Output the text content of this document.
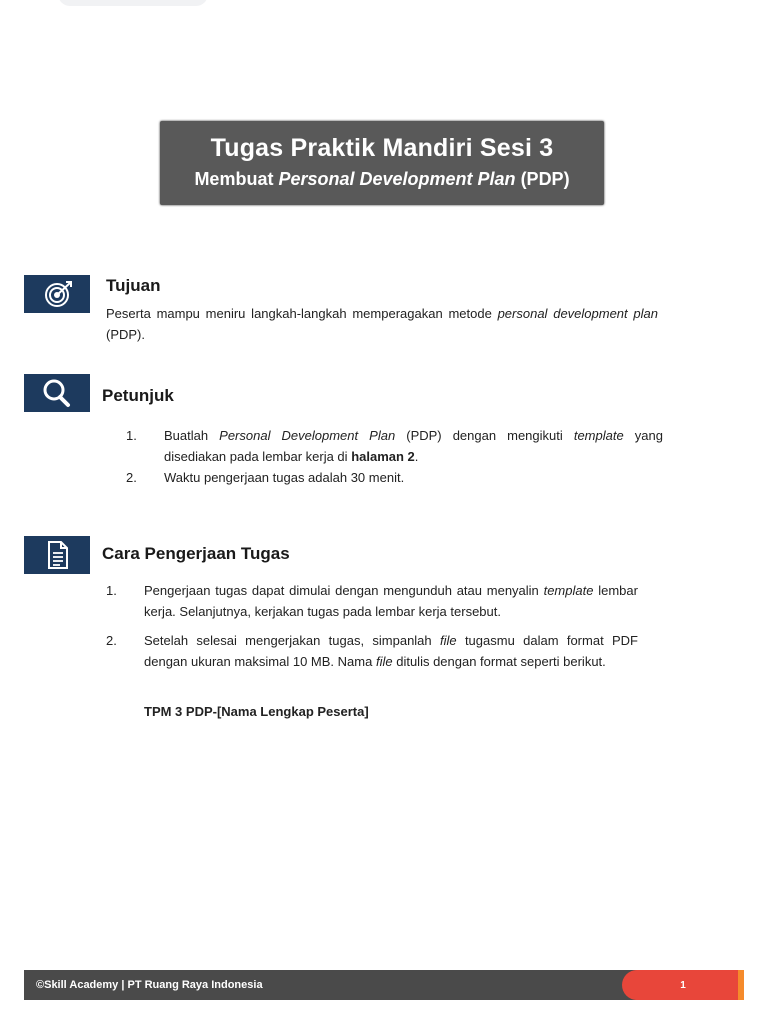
Tugas Praktik Mandiri Sesi 3
Membuat Personal Development Plan (PDP)
Tujuan
Peserta mampu meniru langkah-langkah memperagakan metode personal development plan (PDP).
Petunjuk
1. Buatlah Personal Development Plan (PDP) dengan mengikuti template yang disediakan pada lembar kerja di halaman 2.
2. Waktu pengerjaan tugas adalah 30 menit.
Cara Pengerjaan Tugas
1. Pengerjaan tugas dapat dimulai dengan mengunduh atau menyalin template lembar kerja. Selanjutnya, kerjakan tugas pada lembar kerja tersebut.
2. Setelah selesai mengerjakan tugas, simpanlah file tugasmu dalam format PDF dengan ukuran maksimal 10 MB. Nama file ditulis dengan format seperti berikut.
TPM 3 PDP-[Nama Lengkap Peserta]
©Skill Academy | PT Ruang Raya Indonesia	1
